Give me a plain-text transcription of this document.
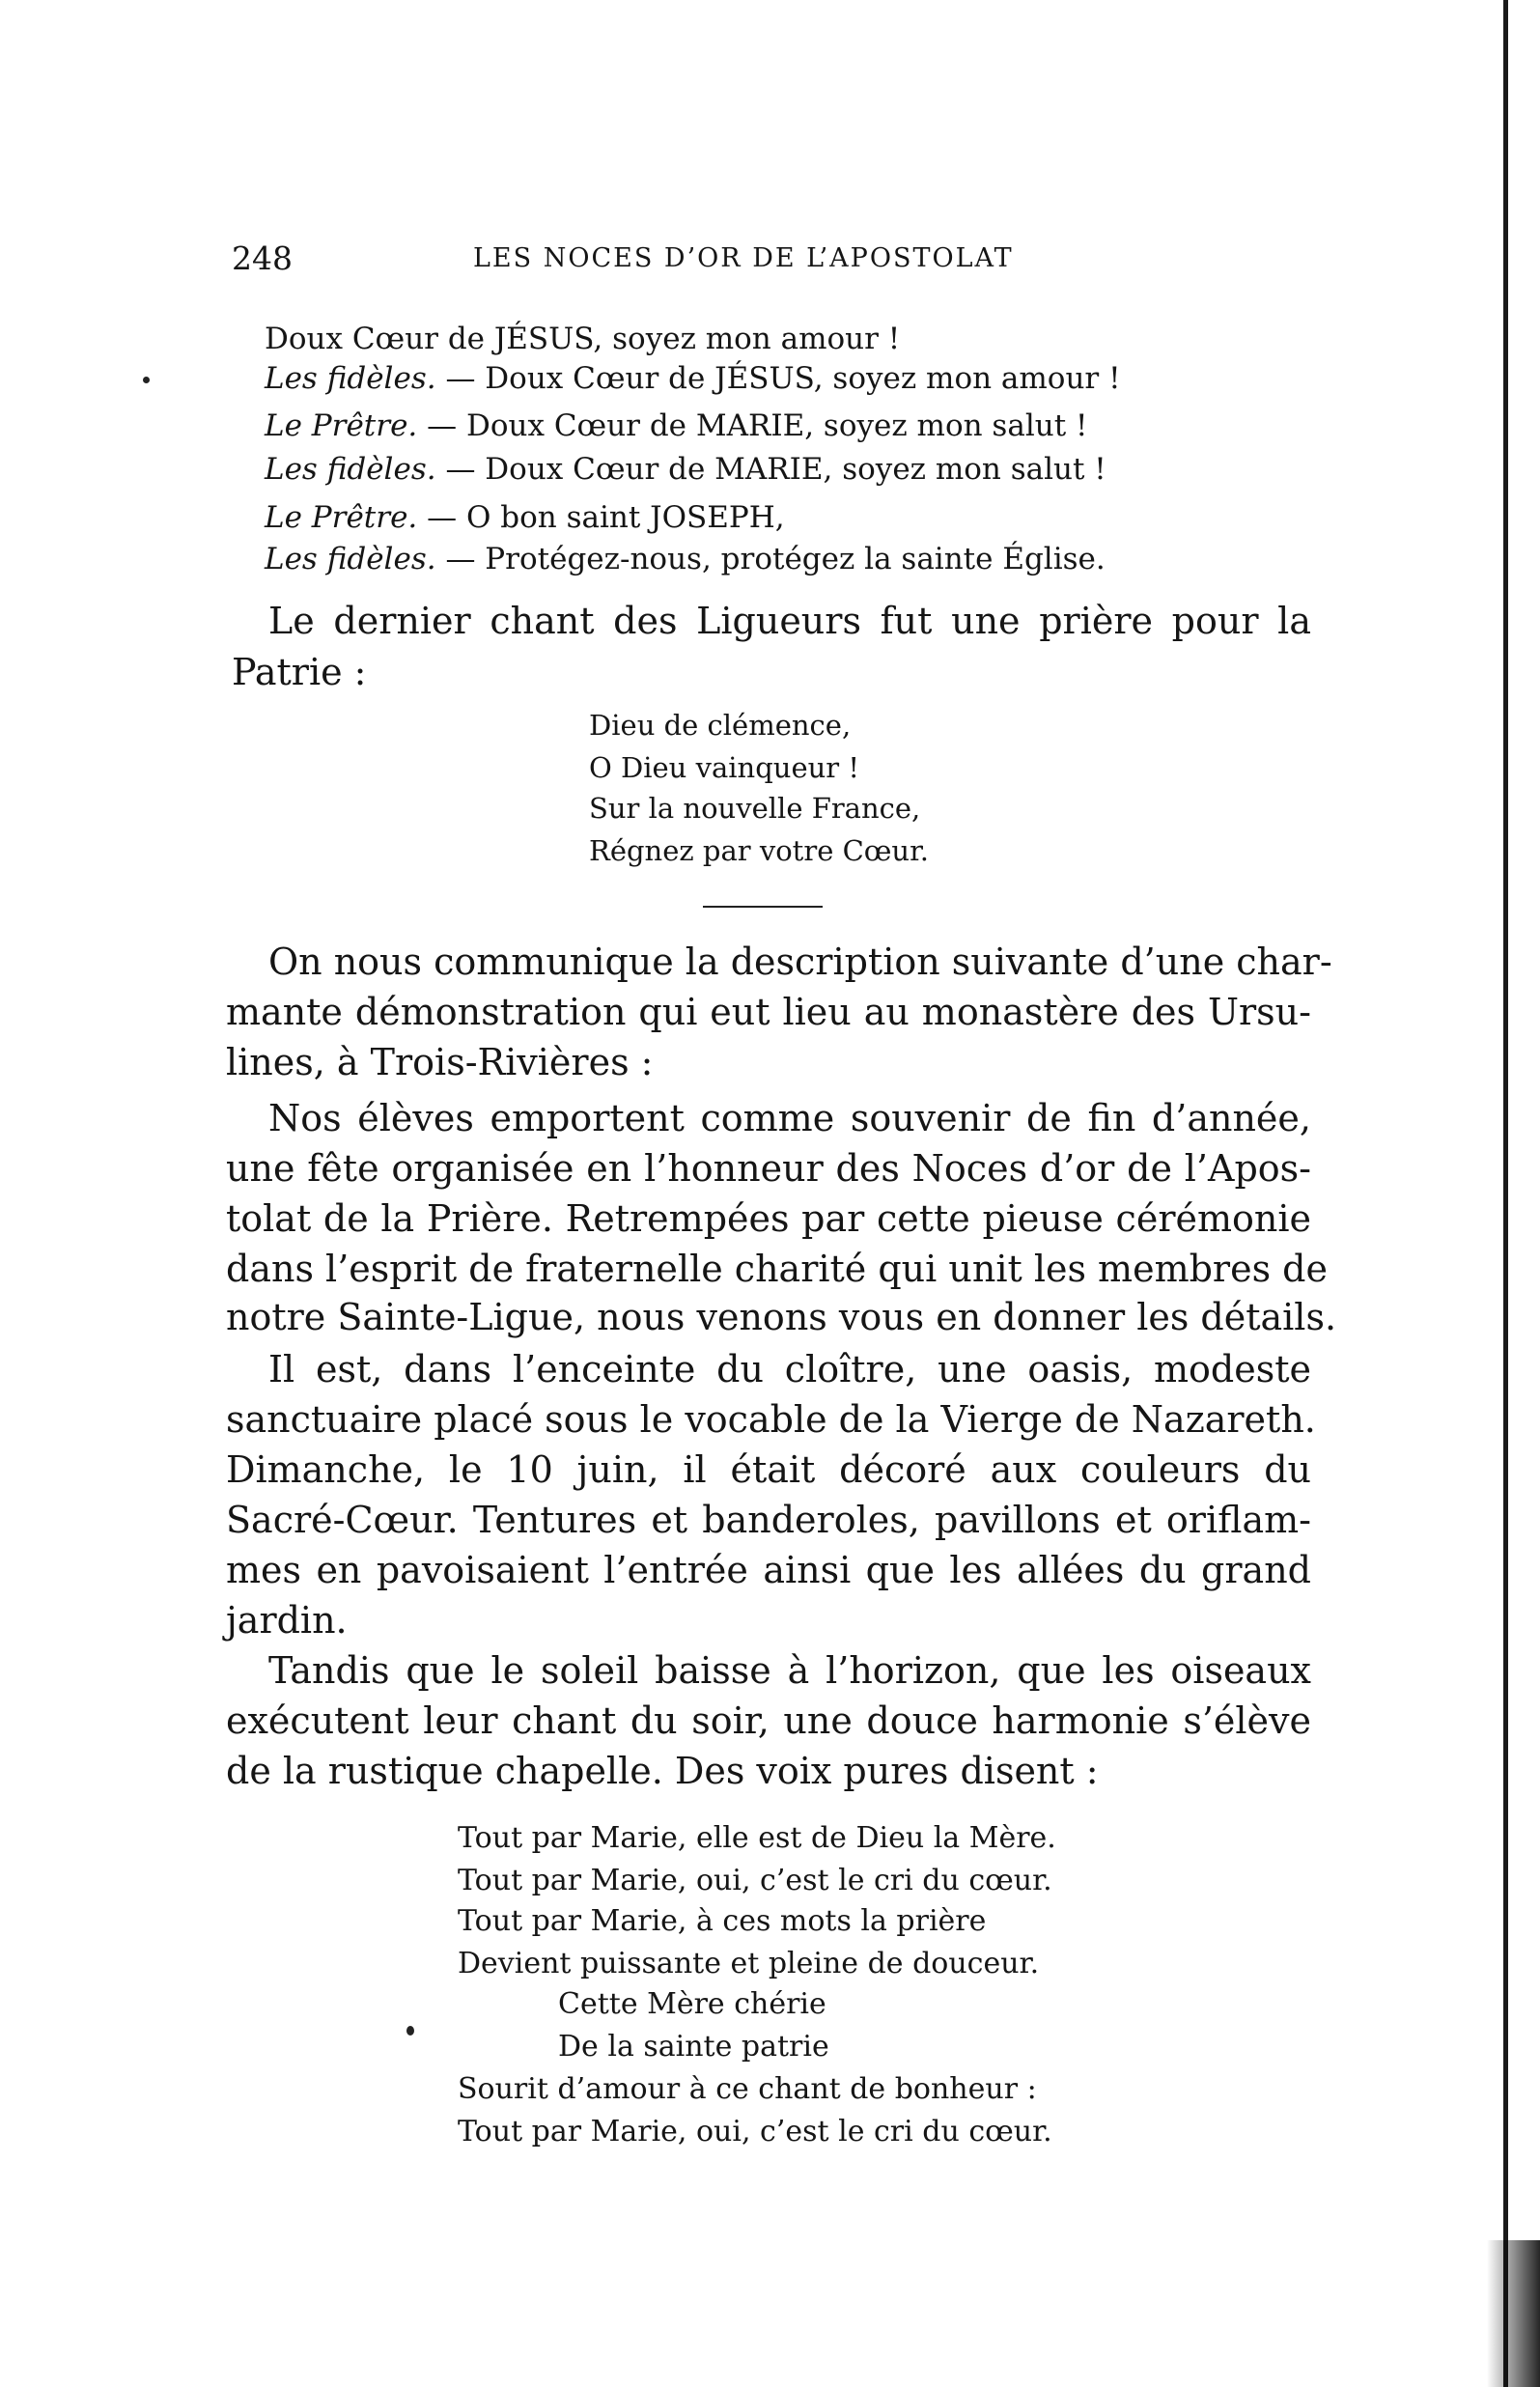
248	LES NOCES D’OR DE L’APOSTOLAT
Doux Cœur de JÉSUS, soyez mon amour !
Les fidèles. — Doux Cœur de JÉSUS, soyez mon amour !
Le Prêtre. — Doux Cœur de MARIE, soyez mon salut !
Les fidèles. — Doux Cœur de MARIE, soyez mon salut !
Le Prêtre. — O bon saint JOSEPH,
Les fidèles. — Protégez-nous, protégez la sainte Église.
Le dernier chant des Ligueurs fut une prière pour la
Patrie :
Dieu de clémence,
O Dieu vainqueur !
Sur la nouvelle France,
Régnez par votre Cœur.
On nous communique la description suivante d’une char-
mante démonstration qui eut lieu au monastère des Ursu-
lines, à Trois-Rivières :
Nos élèves emportent comme souvenir de fin d’année,
une fête organisée en l’honneur des Noces d’or de l’Apos-
tolat de la Prière. Retrempées par cette pieuse cérémonie
dans l’esprit de fraternelle charité qui unit les membres de
notre Sainte-Ligue, nous venons vous en donner les détails.
Il est, dans l’enceinte du cloître, une oasis, modeste
sanctuaire placé sous le vocable de la Vierge de Nazareth.
Dimanche, le 10 juin, il était décoré aux couleurs du
Sacré-Cœur. Tentures et banderoles, pavillons et oriflam-
mes en pavoisaient l’entrée ainsi que les allées du grand
jardin.
Tandis que le soleil baisse à l’horizon, que les oiseaux
exécutent leur chant du soir, une douce harmonie s’élève
de la rustique chapelle. Des voix pures disent :
Tout par Marie, elle est de Dieu la Mère.
Tout par Marie, oui, c’est le cri du cœur.
Tout par Marie, à ces mots la prière
Devient puissante et pleine de douceur.
Cette Mère chérie
De la sainte patrie
Sourit d’amour à ce chant de bonheur :
Tout par Marie, oui, c’est le cri du cœur.
